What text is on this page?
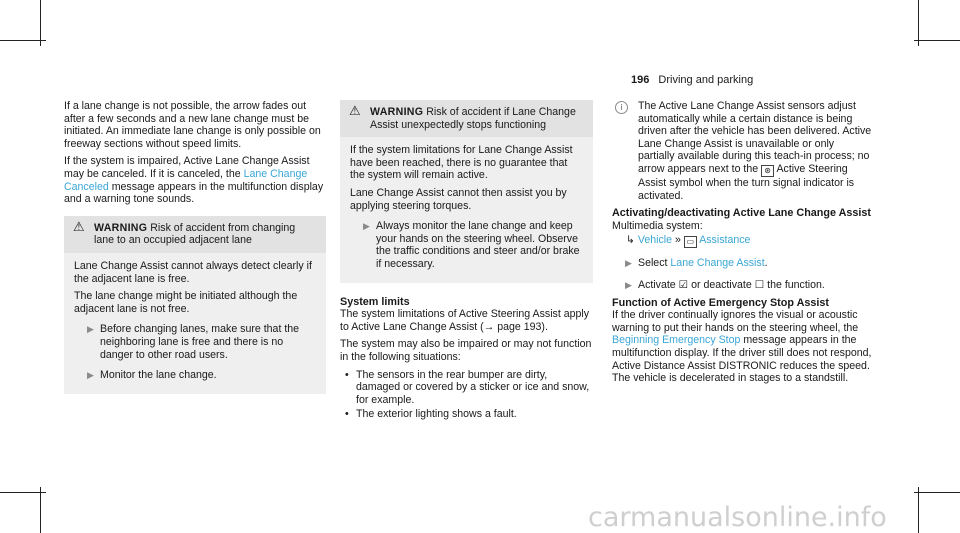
196 Driving and parking

If a lane change is not possible, the arrow fades out after a few seconds and a new lane change must be initiated. An immediate lane change is only possible on freeway sections without speed limits.

If the system is impaired, Active Lane Change Assist may be canceled. If it is canceled, the Lane Change Canceled message appears in the multifunction display and a warning tone sounds.

⚠ WARNING Risk of accident from changing lane to an occupied adjacent lane

Lane Change Assist cannot always detect clearly if the adjacent lane is free.

The lane change might be initiated although the adjacent lane is not free.

▶ Before changing lanes, make sure that the neighboring lane is free and there is no danger to other road users.

▶ Monitor the lane change.

⚠ WARNING Risk of accident if Lane Change Assist unexpectedly stops functioning

If the system limitations for Lane Change Assist have been reached, there is no guarantee that the system will remain active.

Lane Change Assist cannot then assist you by applying steering torques.

▶ Always monitor the lane change and keep your hands on the steering wheel. Observe the traffic conditions and steer and/or brake if necessary.

System limits

The system limitations of Active Steering Assist apply to Active Lane Change Assist (→ page 193).

The system may also be impaired or may not function in the following situations:

• The sensors in the rear bumper are dirty, damaged or covered by a sticker or ice and snow, for example.
• The exterior lighting shows a fault.

i	The Active Lane Change Assist sensors adjust automatically while a certain distance is being driven after the vehicle has been delivered. Active Lane Change Assist is unavailable or only partially available during this teach-in process; no arrow appears next to the ⊛ Active Steering Assist symbol when the turn signal indicator is activated.

Activating/deactivating Active Lane Change Assist

Multimedia system:

↳ Vehicle » ▭ Assistance

▶ Select Lane Change Assist.

▶ Activate ☑ or deactivate ☐ the function.

Function of Active Emergency Stop Assist

If the driver continually ignores the visual or acoustic warning to put their hands on the steering wheel, the Beginning Emergency Stop message appears in the multifunction display. If the driver still does not respond, Active Distance Assist DISTRONIC reduces the speed. The vehicle is decelerated in stages to a standstill.

carmanualsonline.info
